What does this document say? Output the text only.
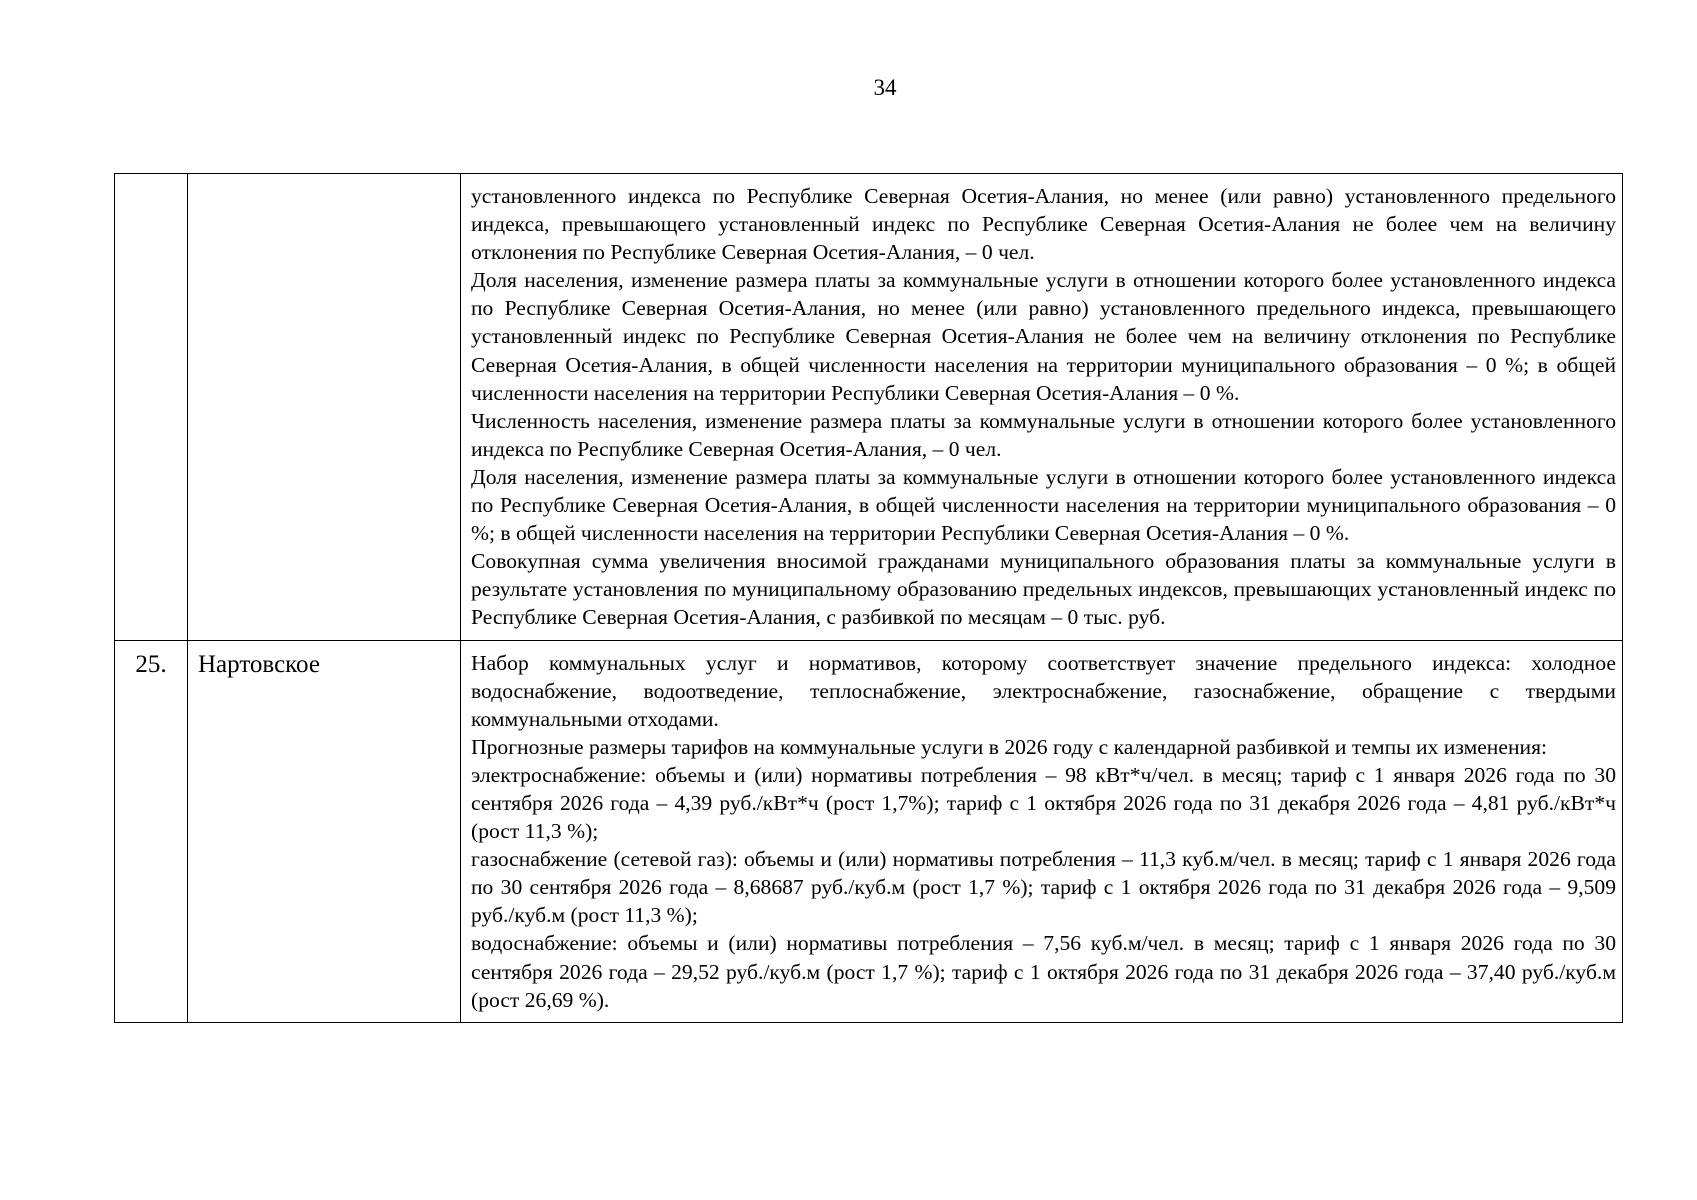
34

		установленного индекса по Республике Северная Осетия-Алания, но менее (или равно) установленного предельного индекса, превышающего установленный индекс по Республике Северная Осетия-Алания не более чем на величину отклонения по Республике Северная Осетия-Алания, – 0 чел.

Доля населения, изменение размера платы за коммунальные услуги в отношении которого более установленного индекса по Республике Северная Осетия-Алания, но менее (или равно) установленного предельного индекса, превышающего установленный индекс по Республике Северная Осетия-Алания не более чем на величину отклонения по Республике Северная Осетия-Алания, в общей численности населения на территории муниципального образования – 0 %; в общей численности населения на территории Республики Северная Осетия-Алания – 0 %.

Численность населения, изменение размера платы за коммунальные услуги в отношении которого более установленного индекса по Республике Северная Осетия-Алания, – 0 чел.

Доля населения, изменение размера платы за коммунальные услуги в отношении которого более установленного индекса по Республике Северная Осетия-Алания, в общей численности населения на территории муниципального образования – 0 %; в общей численности населения на территории Республики Северная Осетия-Алания – 0 %.

Совокупная сумма увеличения вносимой гражданами муниципального образования платы за коммунальные услуги в результате установления по муниципальному образованию предельных индексов, превышающих установленный индекс по Республике Северная Осетия-Алания, с разбивкой по месяцам – 0 тыс. руб.

25.	Нартовское	Набор коммунальных услуг и нормативов, которому соответствует значение предельного индекса: холодное водоснабжение, водоотведение, теплоснабжение, электроснабжение, газоснабжение, обращение с твердыми коммунальными отходами.

Прогнозные размеры тарифов на коммунальные услуги в 2026 году с календарной разбивкой и темпы их изменения:

электроснабжение: объемы и (или) нормативы потребления – 98 кВт*ч/чел. в месяц; тариф с 1 января 2026 года по 30 сентября 2026 года – 4,39 руб./кВт*ч (рост 1,7%); тариф с 1 октября 2026 года по 31 декабря 2026 года – 4,81 руб./кВт*ч (рост 11,3 %);

газоснабжение (сетевой газ): объемы и (или) нормативы потребления – 11,3 куб.м/чел. в месяц; тариф с 1 января 2026 года по 30 сентября 2026 года – 8,68687 руб./куб.м (рост 1,7 %); тариф с 1 октября 2026 года по 31 декабря 2026 года – 9,509 руб./куб.м (рост 11,3 %);

водоснабжение: объемы и (или) нормативы потребления – 7,56 куб.м/чел. в месяц; тариф с 1 января 2026 года по 30 сентября 2026 года – 29,52 руб./куб.м (рост 1,7 %); тариф с 1 октября 2026 года по 31 декабря 2026 года – 37,40 руб./куб.м (рост 26,69 %).
